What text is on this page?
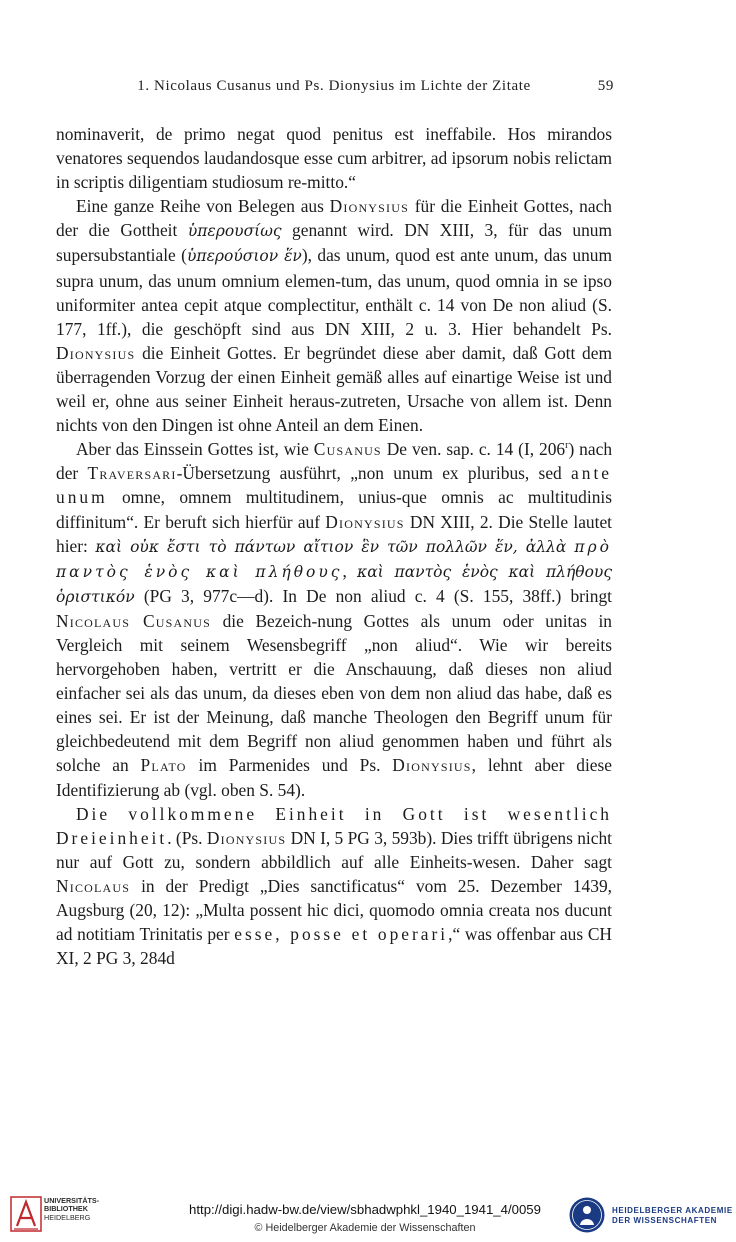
1. Nicolaus Cusanus und Ps. Dionysius im Lichte der Zitate	59

nominaverit, de primo negat quod penitus est ineffabile. Hos mirandos venatores sequendos laudandosque esse cum arbitrer, ad ipsorum nobis relictam in scriptis diligentiam studiosum re-mitto.“

Eine ganze Reihe von Belegen aus Dionysius für die Einheit Gottes, nach der die Gottheit ὑπερουσίως genannt wird. DN XIII, 3, für das unum supersubstantiale (ὑπερούσιον ἕν), das unum, quod est ante unum, das unum supra unum, das unum omnium elemen-tum, das unum, quod omnia in se ipso uniformiter antea cepit atque complectitur, enthält c. 14 von De non aliud (S. 177, 1ff.), die geschöpft sind aus DN XIII, 2 u. 3. Hier behandelt Ps. Dionysius die Einheit Gottes. Er begründet diese aber damit, daß Gott dem überragenden Vorzug der einen Einheit gemäß alles auf einartige Weise ist und weil er, ohne aus seiner Einheit heraus-zutreten, Ursache von allem ist. Denn nichts von den Dingen ist ohne Anteil an dem Einen.

Aber das Einssein Gottes ist, wie Cusanus De ven. sap. c. 14 (I, 206$^r$) nach der Traversari-Übersetzung ausführt, „non unum ex pluribus, sed ante unum omne, omnem multitudinem, unius-que omnis ac multitudinis diffinitum“. Er beruft sich hierfür auf Dionysius DN XIII, 2. Die Stelle lautet hier: καὶ οὐκ ἔστι τὸ πάντων αἴτιον ἓν τῶν πολλῶν ἕν, ἀλλὰ πρὸ παντὸς ἑνὸς καὶ πλήθους, καὶ παντὸς ἑνὸς καὶ πλήθους ὁριστικόν (PG 3, 977c—d). In De non aliud c. 4 (S. 155, 38ff.) bringt Nicolaus Cusanus die Bezeich-nung Gottes als unum oder unitas in Vergleich mit seinem Wesensbegriff „non aliud“. Wie wir bereits hervorgehoben haben, vertritt er die Anschauung, daß dieses non aliud einfacher sei als das unum, da dieses eben von dem non aliud das habe, daß es eines sei. Er ist der Meinung, daß manche Theologen den Begriff unum für gleichbedeutend mit dem Begriff non aliud genommen haben und führt als solche an Plato im Parmenides und Ps. Dionysius, lehnt aber diese Identifizierung ab (vgl. oben S. 54).

Die vollkommene Einheit in Gott ist wesentlich Dreieinheit. (Ps. Dionysius DN I, 5 PG 3, 593b). Dies trifft übrigens nicht nur auf Gott zu, sondern abbildlich auf alle Einheits-wesen. Daher sagt Nicolaus in der Predigt „Dies sanctificatus“ vom 25. Dezember 1439, Augsburg (20, 12): „Multa possent hic dici, quomodo omnia creata nos ducunt ad notitiam Trinitatis per esse, posse et operari,“ was offenbar aus CH XI, 2 PG 3, 284d

UNIVERSITÄTS-
BIBLIOTHEK
HEIDELBERG
http://digi.hadw-bw.de/view/sbhadwphkl_1940_1941_4/0059
© Heidelberger Akademie der Wissenschaften
HEIDELBERGER AKADEMIE
DER WISSENSCHAFTEN
